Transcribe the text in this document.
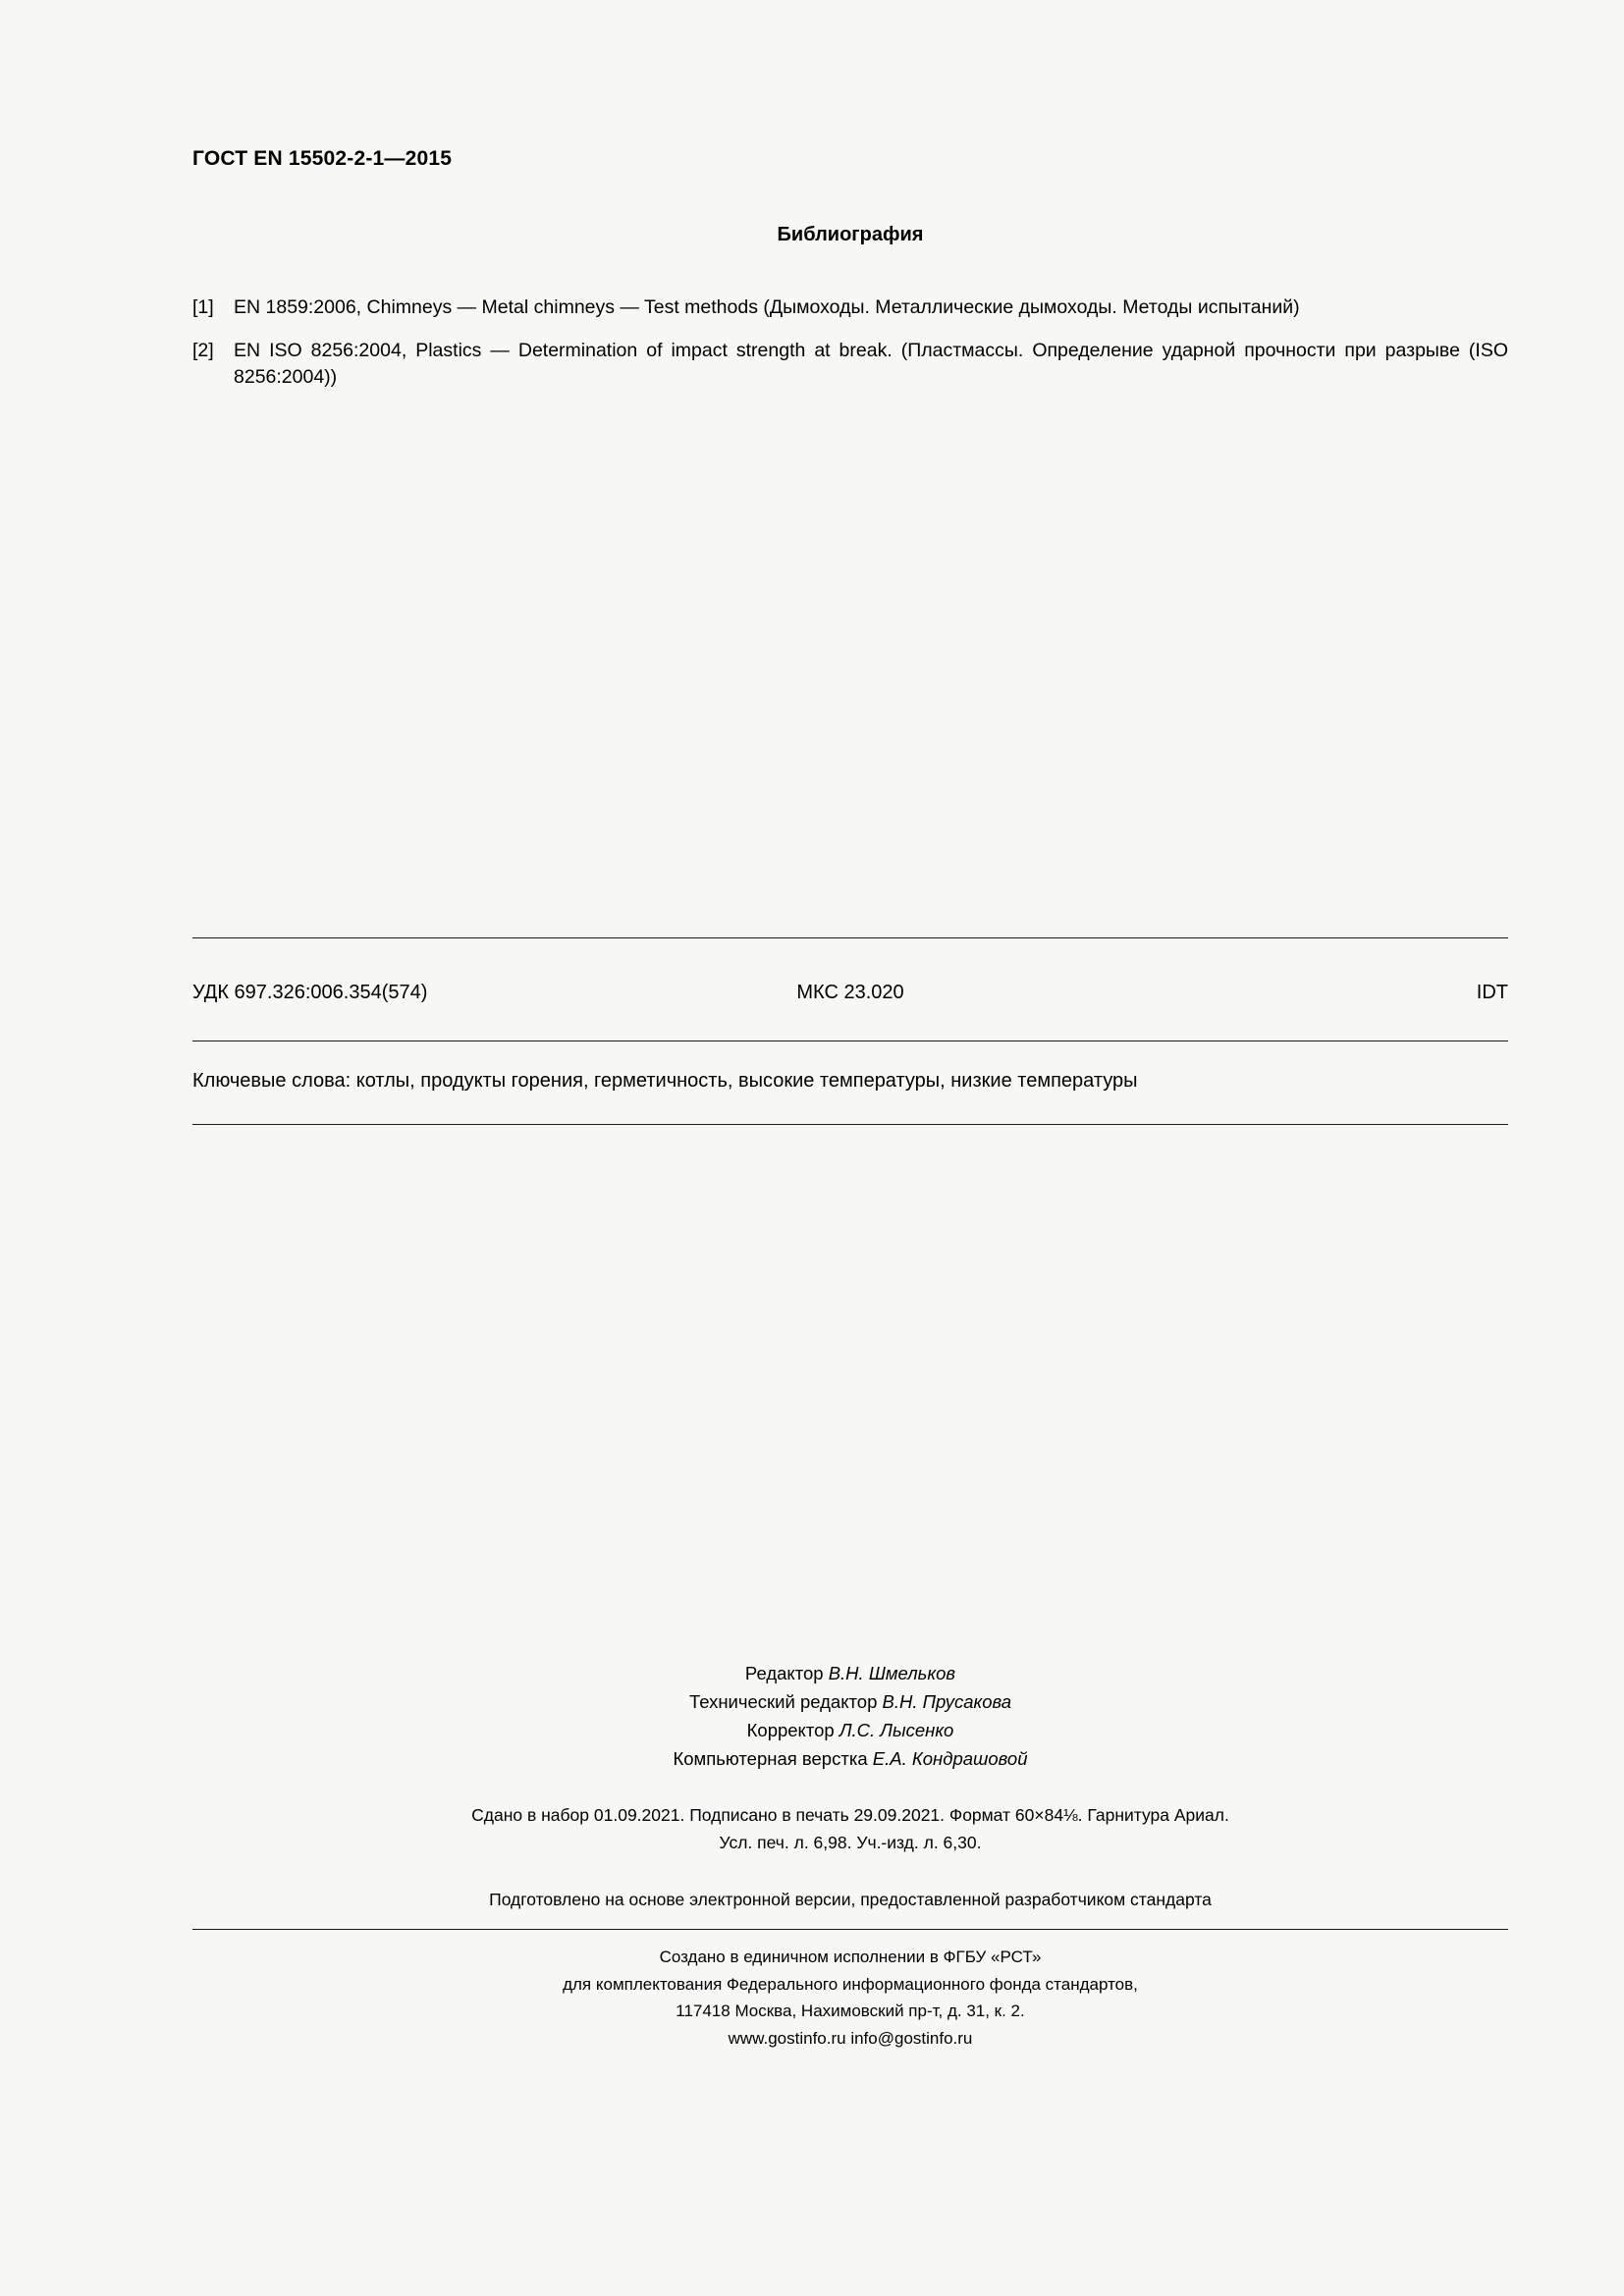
ГОСТ EN 15502-2-1—2015
Библиография
[1]	EN 1859:2006, Chimneys — Metal chimneys — Test methods (Дымоходы. Металлические дымоходы. Методы испытаний)
[2]	EN ISO 8256:2004, Plastics — Determination of impact strength at break. (Пластмассы. Определение ударной прочности при разрыве (ISO 8256:2004))
УДК 697.326:006.354(574)	IDT
МКС 23.020
Ключевые слова: котлы, продукты горения, герметичность, высокие температуры, низкие температуры
Редактор В.Н. Шмельков
Технический редактор В.Н. Прусакова
Корректор Л.С. Лысенко
Компьютерная верстка Е.А. Кондрашовой
Сдано в набор 01.09.2021. Подписано в печать 29.09.2021. Формат 60×84⅛. Гарнитура Ариал.
Усл. печ. л. 6,98. Уч.-изд. л. 6,30.
Подготовлено на основе электронной версии, предоставленной разработчиком стандарта
Создано в единичном исполнении в ФГБУ «РСТ»
для комплектования Федерального информационного фонда стандартов,
117418 Москва, Нахимовский пр-т, д. 31, к. 2.
www.gostinfo.ru info@gostinfo.ru
